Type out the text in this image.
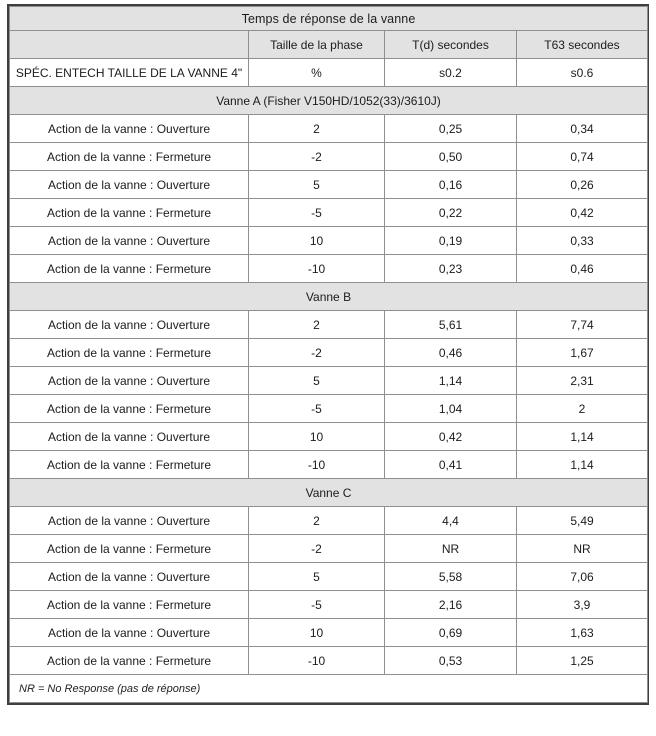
Temps de réponse de la vanne			
	Taille de la phase	T(d) secondes	T63 secondes
SPÉC. ENTECH TAILLE DE LA VANNE 4"	%	s0.2	s0.6
Vanne A (Fisher V150HD/1052(33)/3610J)			
Action de la vanne : Ouverture	2	0,25	0,34
Action de la vanne : Fermeture	-2	0,50	0,74
Action de la vanne : Ouverture	5	0,16	0,26
Action de la vanne : Fermeture	-5	0,22	0,42
Action de la vanne : Ouverture	10	0,19	0,33
Action de la vanne : Fermeture	-10	0,23	0,46
Vanne B			
Action de la vanne : Ouverture	2	5,61	7,74
Action de la vanne : Fermeture	-2	0,46	1,67
Action de la vanne : Ouverture	5	1,14	2,31
Action de la vanne : Fermeture	-5	1,04	2
Action de la vanne : Ouverture	10	0,42	1,14
Action de la vanne : Fermeture	-10	0,41	1,14
Vanne C			
Action de la vanne : Ouverture	2	4,4	5,49
Action de la vanne : Fermeture	-2	NR	NR
Action de la vanne : Ouverture	5	5,58	7,06
Action de la vanne : Fermeture	-5	2,16	3,9
Action de la vanne : Ouverture	10	0,69	1,63
Action de la vanne : Fermeture	-10	0,53	1,25
NR = No Response (pas de réponse)			
